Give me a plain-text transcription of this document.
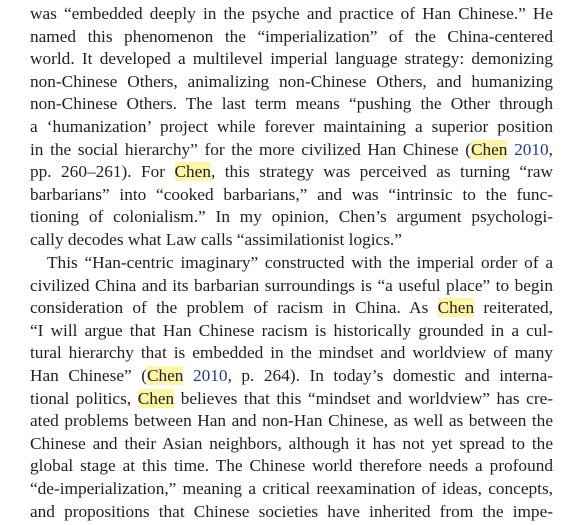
was “embedded deeply in the psyche and practice of Han Chinese.” He
named this phenomenon the “imperialization” of the China-centered
world. It developed a multilevel imperial language strategy: demonizing
non-Chinese Others, animalizing non-Chinese Others, and humanizing
non-Chinese Others. The last term means “pushing the Other through
a ‘humanization’ project while forever maintaining a superior position
in the social hierarchy” for the more civilized Han Chinese (Chen 2010,
pp. 260–261). For Chen, this strategy was perceived as turning “raw
barbarians” into “cooked barbarians,” and was “intrinsic to the func-
tioning of colonialism.” In my opinion, Chen’s argument psychologi-
cally decodes what Law calls “assimilationist logics.”
This “Han-centric imaginary” constructed with the imperial order of a
civilized China and its barbarian surroundings is “a useful place” to begin
consideration of the problem of racism in China. As Chen reiterated,
“I will argue that Han Chinese racism is historically grounded in a cul-
tural hierarchy that is embedded in the mindset and worldview of many
Han Chinese” (Chen 2010, p. 264). In today’s domestic and interna-
tional politics, Chen believes that this “mindset and worldview” has cre-
ated problems between Han and non-Han Chinese, as well as between the
Chinese and their Asian neighbors, although it has not yet spread to the
global stage at this time. The Chinese world therefore needs a profound
“de-imperialization,” meaning a critical reexamination of ideas, concepts,
and propositions that Chinese societies have inherited from the impe-
